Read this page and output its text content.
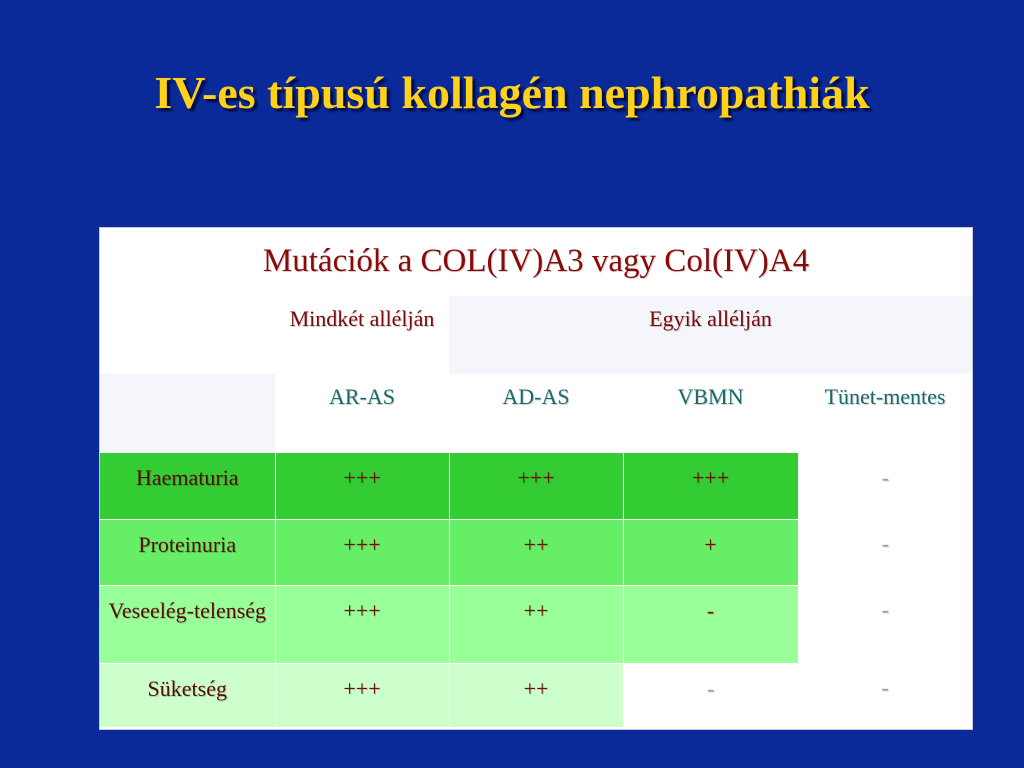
IV-es típusú kollagén nephropathiák
Mutációk a COL(IV)A3 vagy Col(IV)A4				
	Mindkét allélján	Egyik allélján		
	AR-AS	AD-AS	VBMN	Tünet-mentes
Haematuria	+++	+++	+++	-
Proteinuria	+++	++	+	-
Veseelég-telenség	+++	++	-	-
Süketség	+++	++	-	-
